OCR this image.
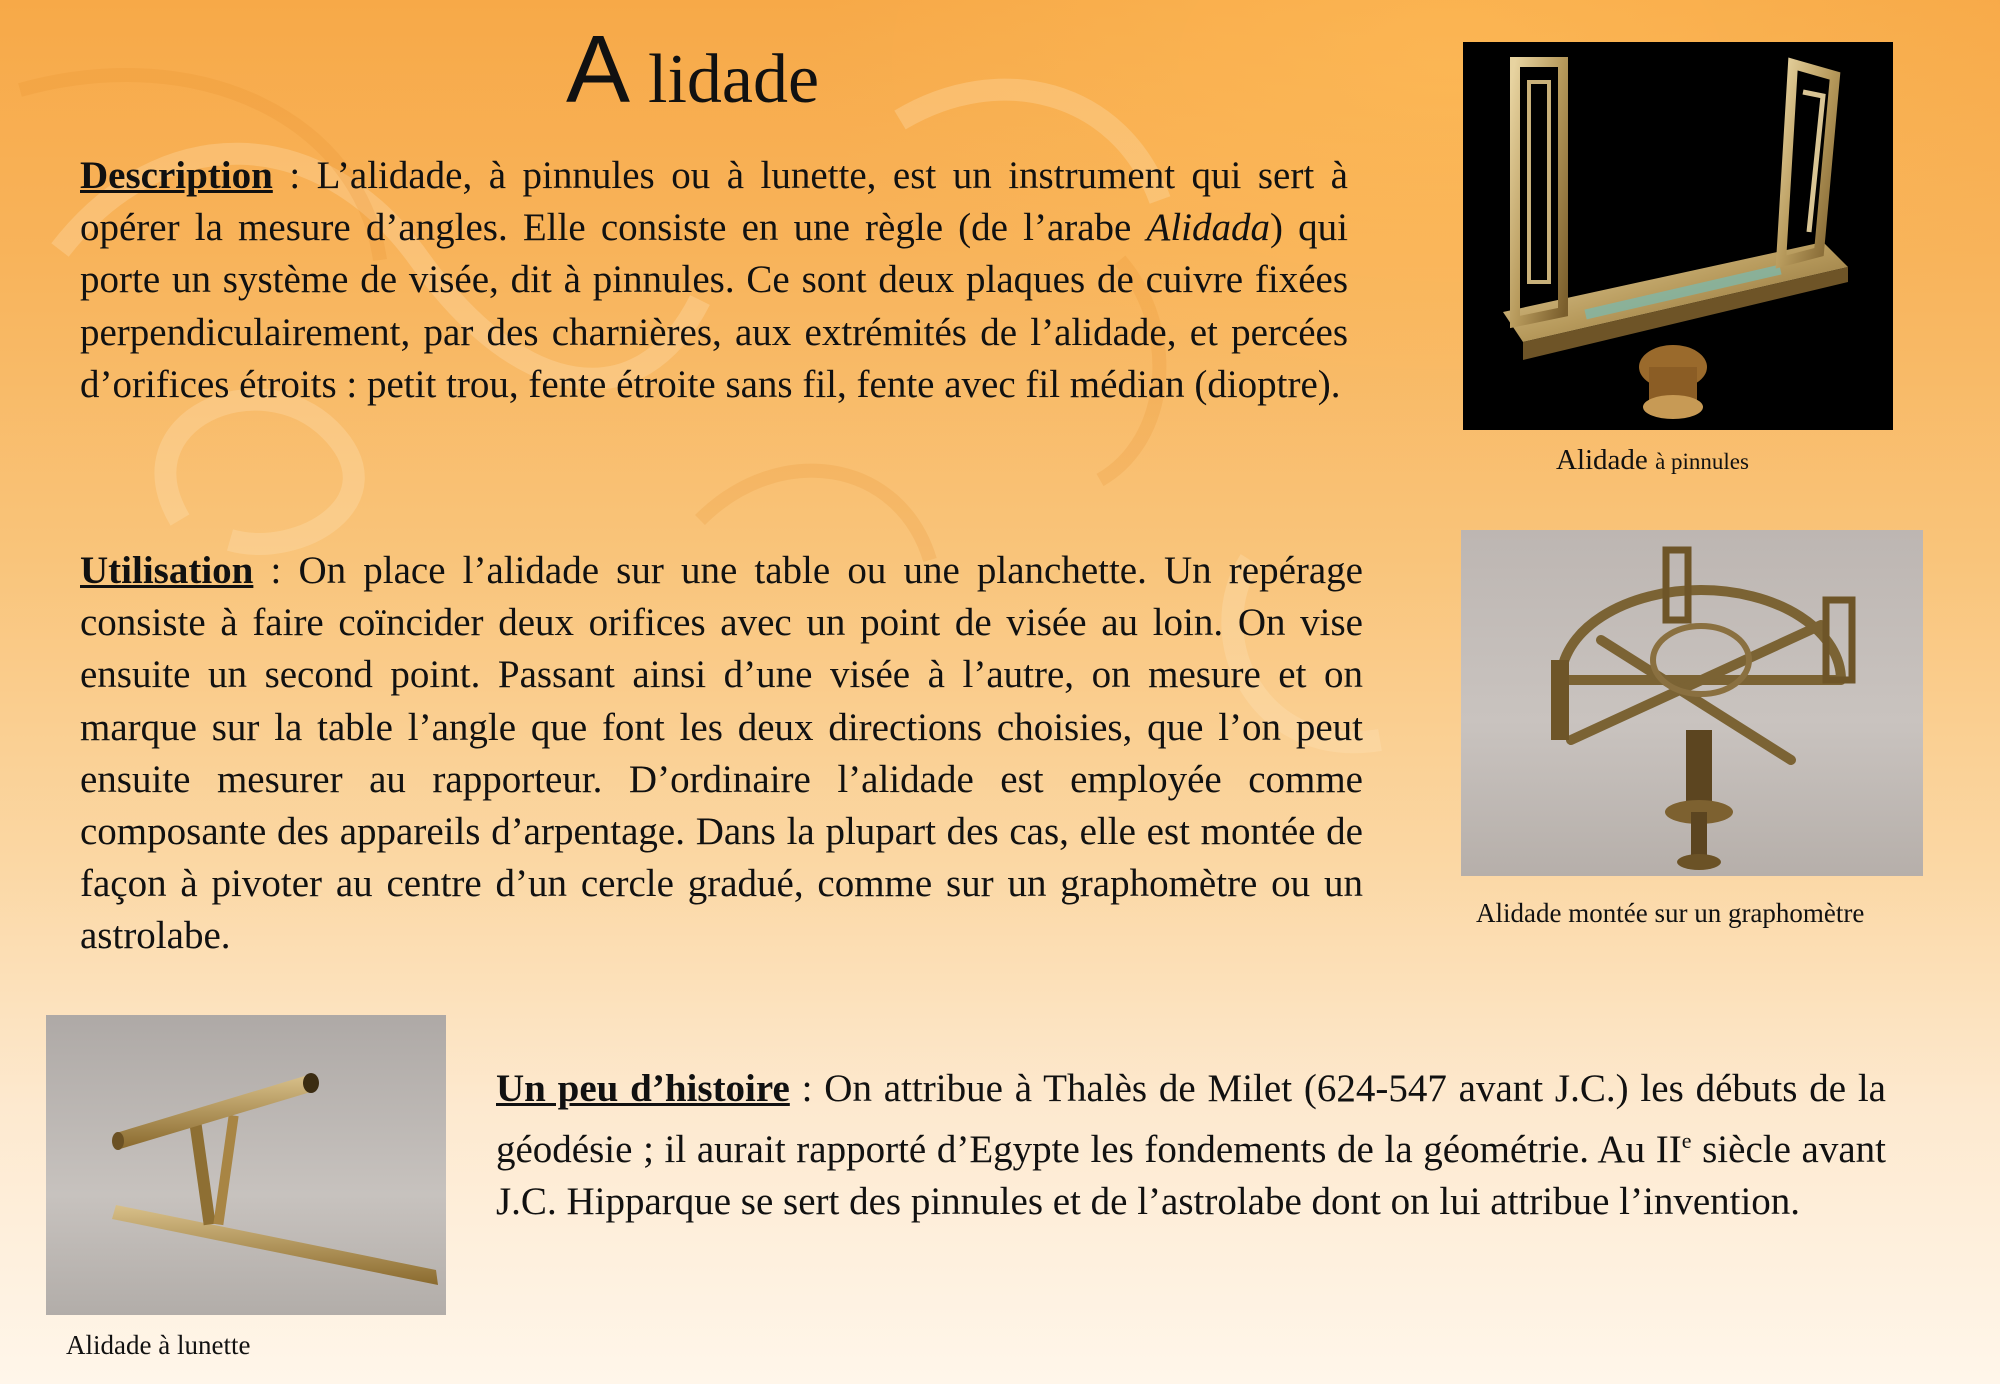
A lidade
Description : L’alidade, à pinnules ou à lunette, est un instrument qui sert à opérer la mesure d’angles. Elle consiste en une règle (de l’arabe Alidada) qui porte un système de visée, dit à pinnules. Ce sont deux plaques de cuivre fixées perpendiculairement, par des charnières, aux extrémités de l’alidade, et percées d’orifices étroits : petit trou, fente étroite sans fil, fente avec fil médian (dioptre).
Utilisation : On place l’alidade sur une table ou une planchette. Un repérage consiste à faire coïncider deux orifices avec un point de visée au loin. On vise ensuite un second point. Passant ainsi d’une visée à l’autre, on mesure et on marque sur la table l’angle que font les deux directions choisies, que l’on peut ensuite mesurer au rapporteur. D’ordinaire l’alidade est employée comme composante des appareils d’arpentage. Dans la plupart des cas, elle est montée de façon à pivoter au centre d’un cercle gradué, comme sur un graphomètre ou un astrolabe.
Un peu d’histoire : On attribue à Thalès de Milet (624-547 avant J.C.) les débuts de la géodésie ; il aurait rapporté d’Egypte les fondements de la géométrie. Au IIe siècle avant J.C. Hipparque se sert des pinnules et de l’astrolabe dont on lui attribue l’invention.
Alidade à pinnules
Alidade montée sur un graphomètre
Alidade à lunette
